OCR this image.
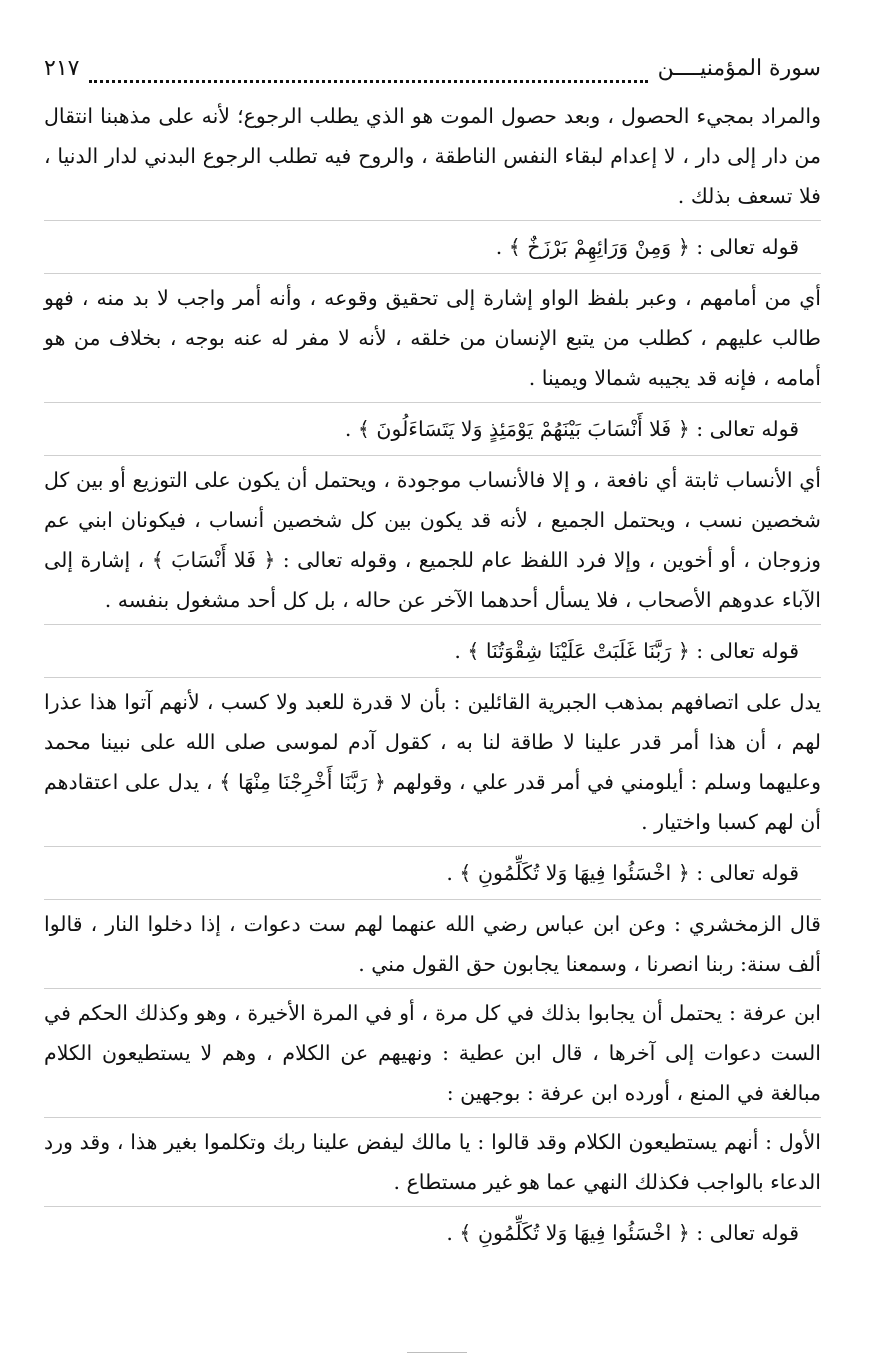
سورة المؤمنيــــن
٢١٧

والمراد بمجيء الحصول ، وبعد حصول الموت هو الذي يطلب الرجوع؛ لأنه على مذهبنا انتقال من دار إلى دار ، لا إعدام لبقاء النفس الناطقة ، والروح فيه تطلب الرجوع البدني لدار الدنيا ، فلا تسعف بذلك .

قوله تعالى : ﴿ وَمِنْ وَرَائِهِمْ بَرْزَخٌ ﴾ .

أي من أمامهم ، وعبر بلفظ الواو إشارة إلى تحقيق وقوعه ، وأنه أمر واجب لا بد منه ، فهو طالب عليهم ، كطلب من يتبع الإنسان من خلقه ، لأنه لا مفر له عنه بوجه ، بخلاف من هو أمامه ، فإنه قد يجيبه شمالا ويمينا .

قوله تعالى : ﴿ فَلا أَنْسَابَ بَيْنَهُمْ يَوْمَئِذٍ وَلا يَتَسَاءَلُونَ ﴾ .

أي الأنساب ثابتة أي نافعة ، و إلا فالأنساب موجودة ، ويحتمل أن يكون على التوزيع أو بين كل شخصين نسب ، ويحتمل الجميع ، لأنه قد يكون بين كل شخصين أنساب ، فيكونان ابني عم وزوجان ، أو أخوين ، وإلا فرد اللفظ عام للجميع ، وقوله تعالى : ﴿ فَلا أَنْسَابَ ﴾ ، إشارة إلى الآباء عدوهم الأصحاب ، فلا يسأل أحدهما الآخر عن حاله ، بل كل أحد مشغول بنفسه .

قوله تعالى : ﴿ رَبَّنَا غَلَبَتْ عَلَيْنَا شِقْوَتُنَا ﴾ .

يدل على اتصافهم بمذهب الجبرية القائلين : بأن لا قدرة للعبد ولا كسب ، لأنهم آتوا هذا عذرا لهم ، أن هذا أمر قدر علينا لا طاقة لنا به ، كقول آدم لموسى صلى الله على نبينا محمد وعليهما وسلم : أيلومني في أمر قدر علي ، وقولهم ﴿ رَبَّنَا أَخْرِجْنَا مِنْهَا ﴾ ، يدل على اعتقادهم أن لهم كسبا واختيار .

قوله تعالى : ﴿ اخْسَئُوا فِيهَا وَلا تُكَلِّمُونِ ﴾ .

قال الزمخشري : وعن ابن عباس رضي الله عنهما لهم ست دعوات ، إذا دخلوا النار ، قالوا ألف سنة: ربنا انصرنا ، وسمعنا يجابون حق القول مني .

ابن عرفة : يحتمل أن يجابوا بذلك في كل مرة ، أو في المرة الأخيرة ، وهو وكذلك الحكم في الست دعوات إلى آخرها ، قال ابن عطية : ونهيهم عن الكلام ، وهم لا يستطيعون الكلام مبالغة في المنع ، أورده ابن عرفة : بوجهين :

الأول : أنهم يستطيعون الكلام وقد قالوا : يا مالك ليفض علينا ربك وتكلموا بغير هذا ، وقد ورد الدعاء بالواجب فكذلك النهي عما هو غير مستطاع .

قوله تعالى : ﴿ اخْسَئُوا فِيهَا وَلا تُكَلِّمُونِ ﴾ .
